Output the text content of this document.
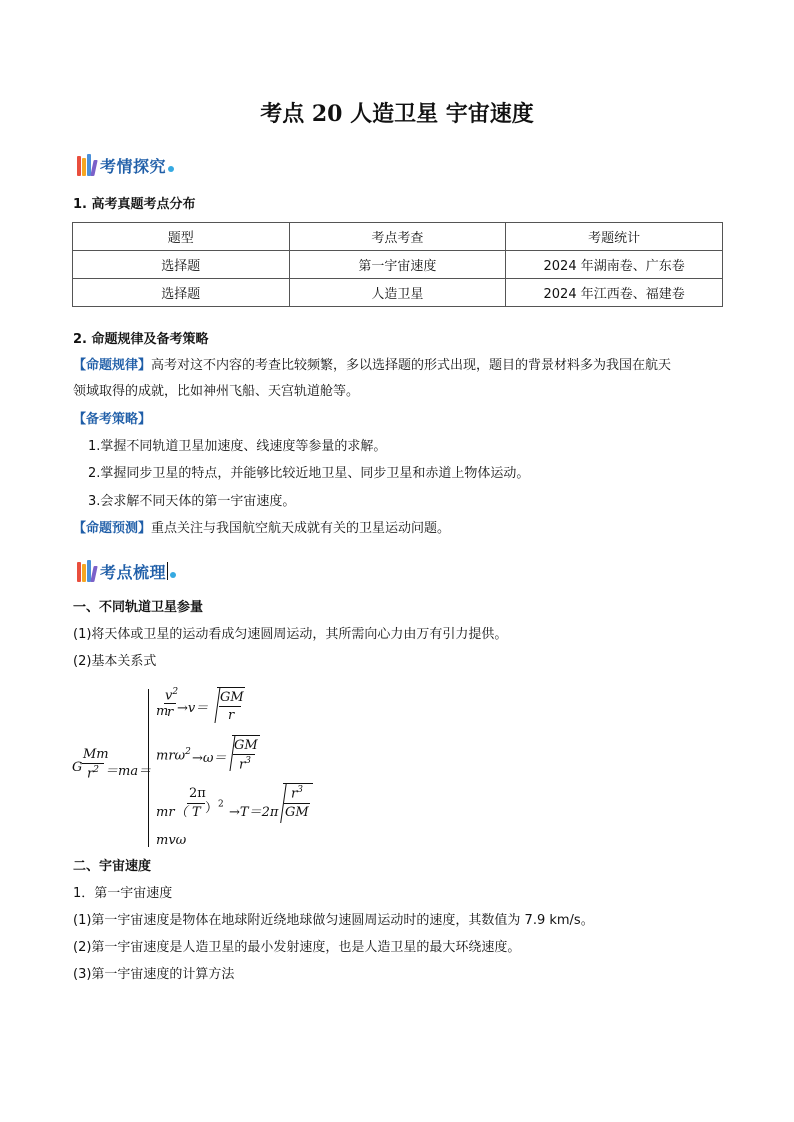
考点 20 人造卫星 宇宙速度
考情探究
1. 高考真题考点分布
题型	考点考查	考题统计
选择题	第一宇宙速度	2024 年湖南卷、广东卷
选择题	人造卫星	2024 年江西卷、福建卷
2. 命题规律及备考策略
【命题规律】高考对这不内容的考查比较频繁，多以选择题的形式出现，题目的背景材料多为我国在航天
领域取得的成就，比如神州飞船、天宫轨道舱等。
【备考策略】
1.掌握不同轨道卫星加速度、线速度等参量的求解。
2.掌握同步卫星的特点，并能够比较近地卫星、同步卫星和赤道上物体运动。
3.会求解不同天体的第一宇宙速度。
【命题预测】重点关注与我国航空航天成就有关的卫星运动问题。
考点梳理
一、不同轨道卫星参量
(1)将天体或卫星的运动看成匀速圆周运动，其所需向心力由万有引力提供。
(2)基本关系式
G
Mm
$r^2 =ma=$
m
$v^2$
r →v＝
GM
r
mrω$^2$ →ω＝
GM
$r^3$
mr（
2π
T ）$^2$
→T＝2π
$r^3$
GM
mvω
二、宇宙速度
1．第一宇宙速度
(1)第一宇宙速度是物体在地球附近绕地球做匀速圆周运动时的速度，其数值为 7.9 km/s。
(2)第一宇宙速度是人造卫星的最小发射速度，也是人造卫星的最大环绕速度。
(3)第一宇宙速度的计算方法
